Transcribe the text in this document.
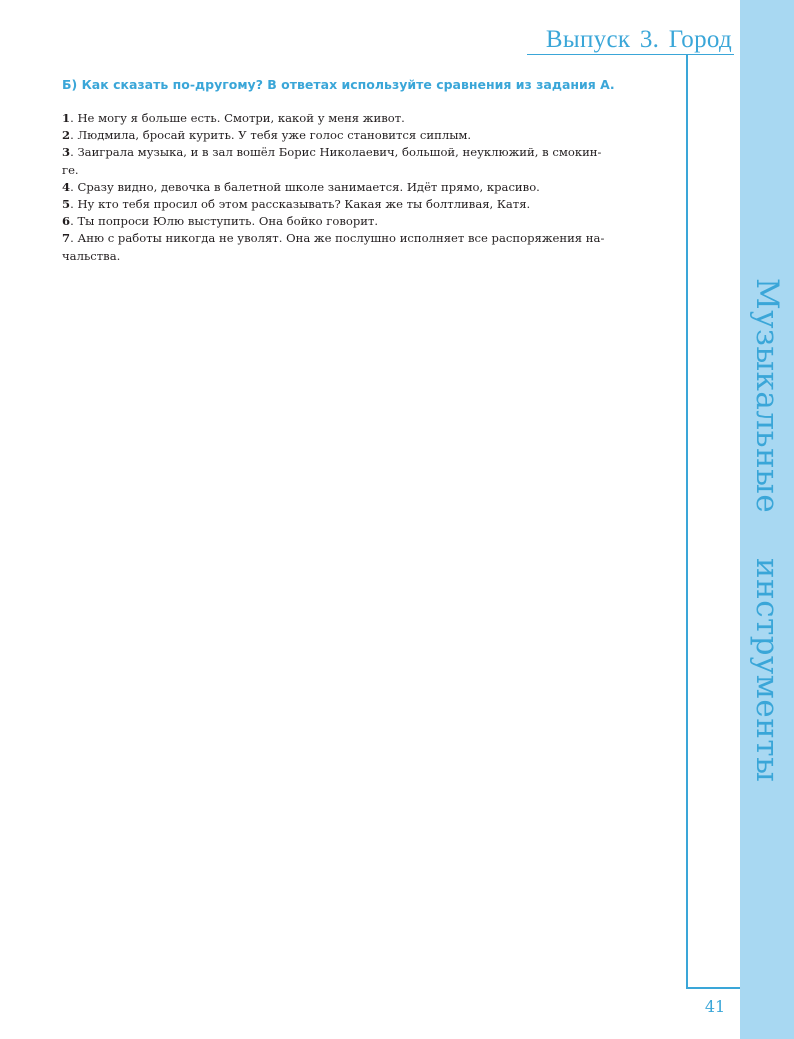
Музыкальные  инструменты
Выпуск 3. Город
Б) Как сказать по-другому? В ответах используйте сравнения из задания А.

1. Не могу я больше есть. Смотри, какой у меня живот.

2. Людмила, бросай курить. У тебя уже голос становится сиплым.

3. Заиграла музыка, и в зал вошёл Борис Николаевич, большой, неуклюжий, в смокин-
ге.

4. Сразу видно, девочка в балетной школе занимается. Идёт прямо, красиво.

5. Ну кто тебя просил об этом рассказывать? Какая же ты болтливая, Катя.

6. Ты попроси Юлю выступить. Она бойко говорит.

7. Аню с работы никогда не уволят. Она же послушно исполняет все распоряжения на-
чальства.

41
